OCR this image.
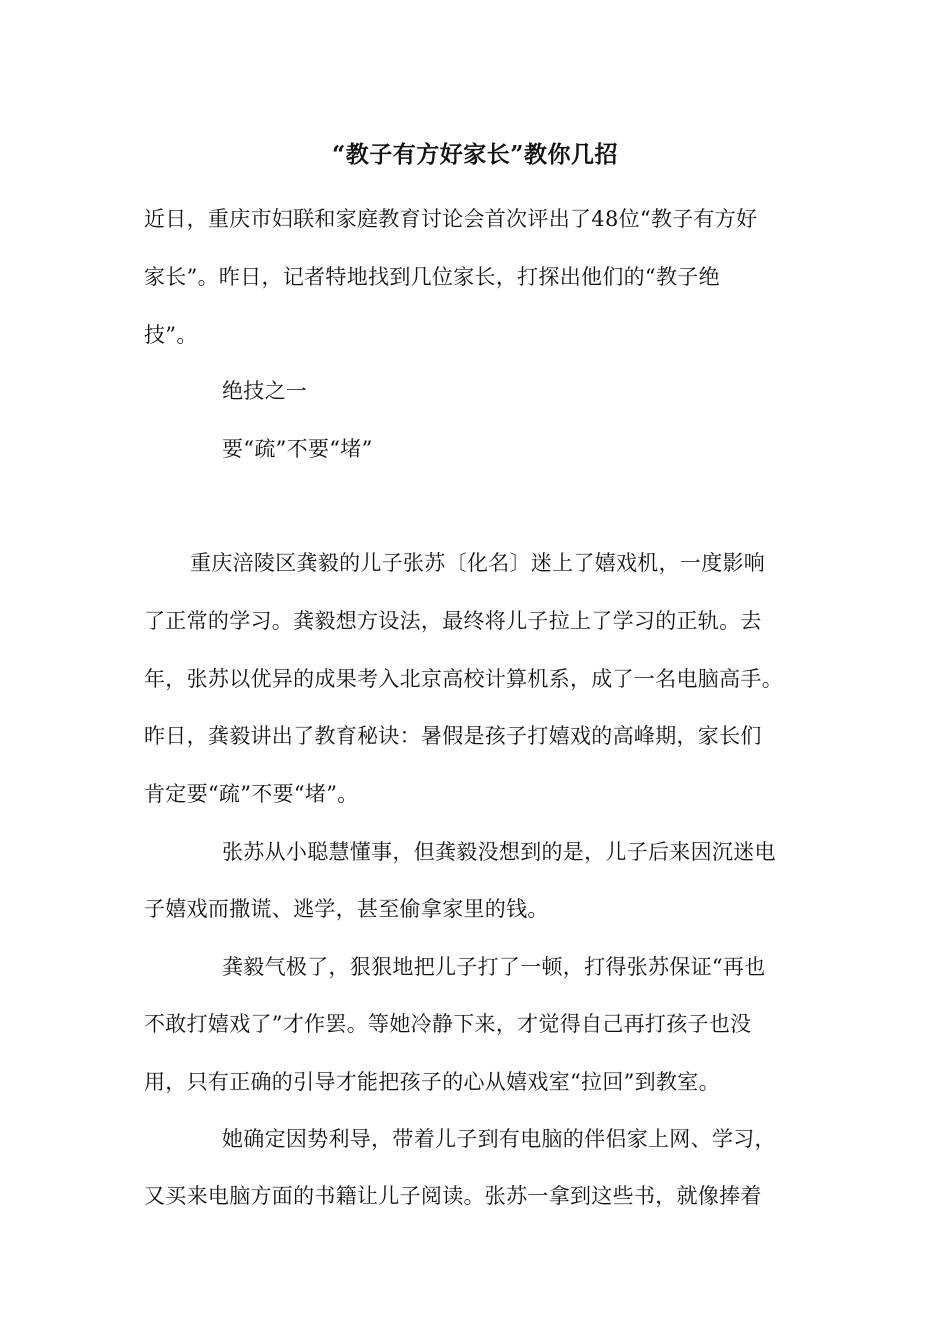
“教子有方好家长”教你几招
近日，重庆市妇联和家庭教育讨论会首次评出了48位“教子有方好
家长”。昨日，记者特地找到几位家长，打探出他们的“教子绝
技”。
绝技之一
要“疏”不要“堵”
重庆涪陵区龚毅的儿子张苏〔化名〕迷上了嬉戏机，一度影响
了正常的学习。龚毅想方设法，最终将儿子拉上了学习的正轨。去
年，张苏以优异的成果考入北京高校计算机系，成了一名电脑高手。
昨日，龚毅讲出了教育秘诀：暑假是孩子打嬉戏的高峰期，家长们
肯定要“疏”不要“堵”。
张苏从小聪慧懂事，但龚毅没想到的是，儿子后来因沉迷电
子嬉戏而撒谎、逃学，甚至偷拿家里的钱。
龚毅气极了，狠狠地把儿子打了一顿，打得张苏保证“再也
不敢打嬉戏了”才作罢。等她冷静下来，才觉得自己再打孩子也没
用，只有正确的引导才能把孩子的心从嬉戏室“拉回”到教室。
她确定因势利导，带着儿子到有电脑的伴侣家上网、学习，
又买来电脑方面的书籍让儿子阅读。张苏一拿到这些书，就像捧着
